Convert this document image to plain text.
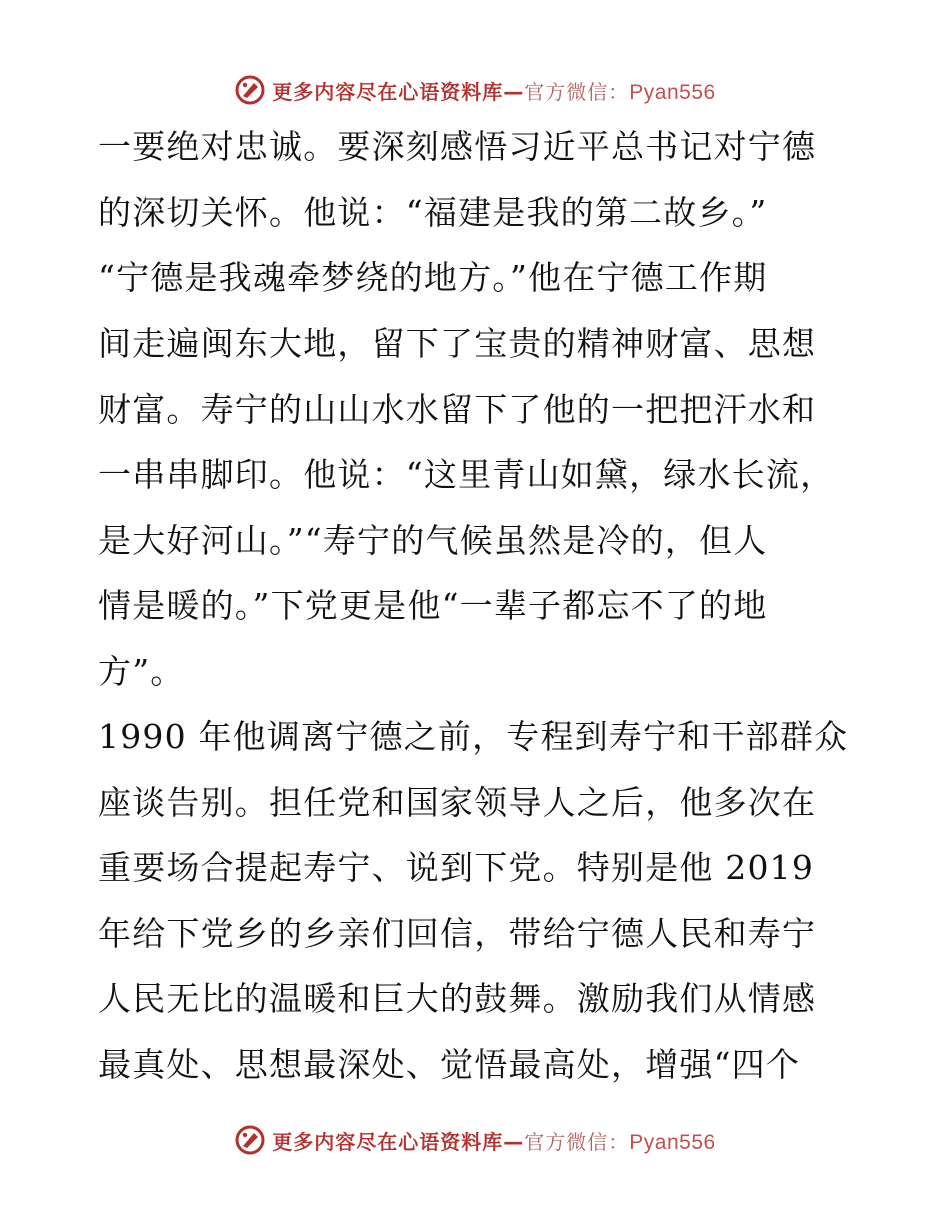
更多内容尽在心语资料库—官方微信：Pyan556
一要绝对忠诚。要深刻感悟习近平总书记对宁德
的深切关怀。他说：“福建是我的第二故乡。”
“宁德是我魂牵梦绕的地方。”他在宁德工作期
间走遍闽东大地，留下了宝贵的精神财富、思想
财富。寿宁的山山水水留下了他的一把把汗水和
一串串脚印。他说：“这里青山如黛，绿水长流，
是大好河山。”“寿宁的气候虽然是冷的，但人
情是暖的。”下党更是他“一辈子都忘不了的地
方”。
1990 年他调离宁德之前，专程到寿宁和干部群众
座谈告别。担任党和国家领导人之后，他多次在
重要场合提起寿宁、说到下党。特别是他 2019
年给下党乡的乡亲们回信，带给宁德人民和寿宁
人民无比的温暖和巨大的鼓舞。激励我们从情感
最真处、思想最深处、觉悟最高处，增强“四个
更多内容尽在心语资料库—官方微信：Pyan556
